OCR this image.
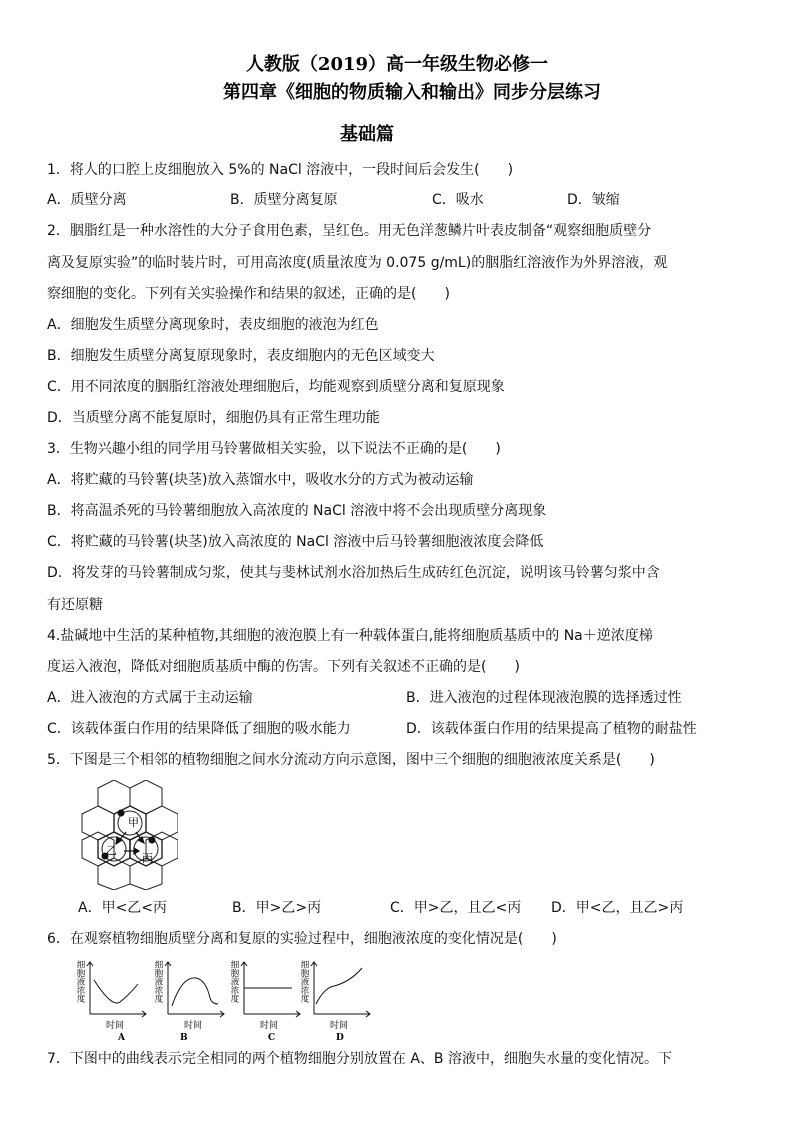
人教版（2019）高一年级生物必修一
第四章《细胞的物质输入和输出》同步分层练习
基础篇
1．将人的口腔上皮细胞放入 5%的 NaCl 溶液中，一段时间后会发生(　　)
A．质壁分离	B．质壁分离复原	C．吸水	D．皱缩
2．胭脂红是一种水溶性的大分子食用色素，呈红色。用无色洋葱鳞片叶表皮制备“观察细胞质壁分
离及复原实验”的临时装片时，可用高浓度(质量浓度为 0.075 g/mL)的胭脂红溶液作为外界溶液，观
察细胞的变化。下列有关实验操作和结果的叙述，正确的是(　　)
A．细胞发生质壁分离现象时，表皮细胞的液泡为红色
B．细胞发生质壁分离复原现象时，表皮细胞内的无色区域变大
C．用不同浓度的胭脂红溶液处理细胞后，均能观察到质壁分离和复原现象
D．当质壁分离不能复原时，细胞仍具有正常生理功能
3．生物兴趣小组的同学用马铃薯做相关实验，以下说法不正确的是(　　)
A．将贮藏的马铃薯(块茎)放入蒸馏水中，吸收水分的方式为被动运输
B．将高温杀死的马铃薯细胞放入高浓度的 NaCl 溶液中将不会出现质壁分离现象
C．将贮藏的马铃薯(块茎)放入高浓度的 NaCl 溶液中后马铃薯细胞液浓度会降低
D．将发芽的马铃薯制成匀浆，使其与斐林试剂水浴加热后生成砖红色沉淀，说明该马铃薯匀浆中含
有还原糖
4.盐碱地中生活的某种植物,其细胞的液泡膜上有一种载体蛋白,能将细胞质基质中的 Na＋逆浓度梯
度运入液泡，降低对细胞质基质中酶的伤害。下列有关叙述不正确的是(　　)
A．进入液泡的方式属于主动运输	B．进入液泡的过程体现液泡膜的选择透过性
C．该载体蛋白作用的结果降低了细胞的吸水能力	D．该载体蛋白作用的结果提高了植物的耐盐性
5．下图是三个相邻的植物细胞之间水分流动方向示意图，图中三个细胞的细胞液浓度关系是(　　)
甲
乙
丙
A．甲<乙<丙	B．甲>乙>丙	C．甲>乙，且乙<丙 D．甲<乙，且乙>丙
6．在观察植物细胞质壁分离和复原的实验过程中，细胞液浓度的变化情况是(　　)
细胞液浓度
时间
A
细胞液浓度
时间
B
细胞液浓度
时间
C
细胞液浓度
时间
D
7．下图中的曲线表示完全相同的两个植物细胞分别放置在 A、B 溶液中，细胞失水量的变化情况。下
